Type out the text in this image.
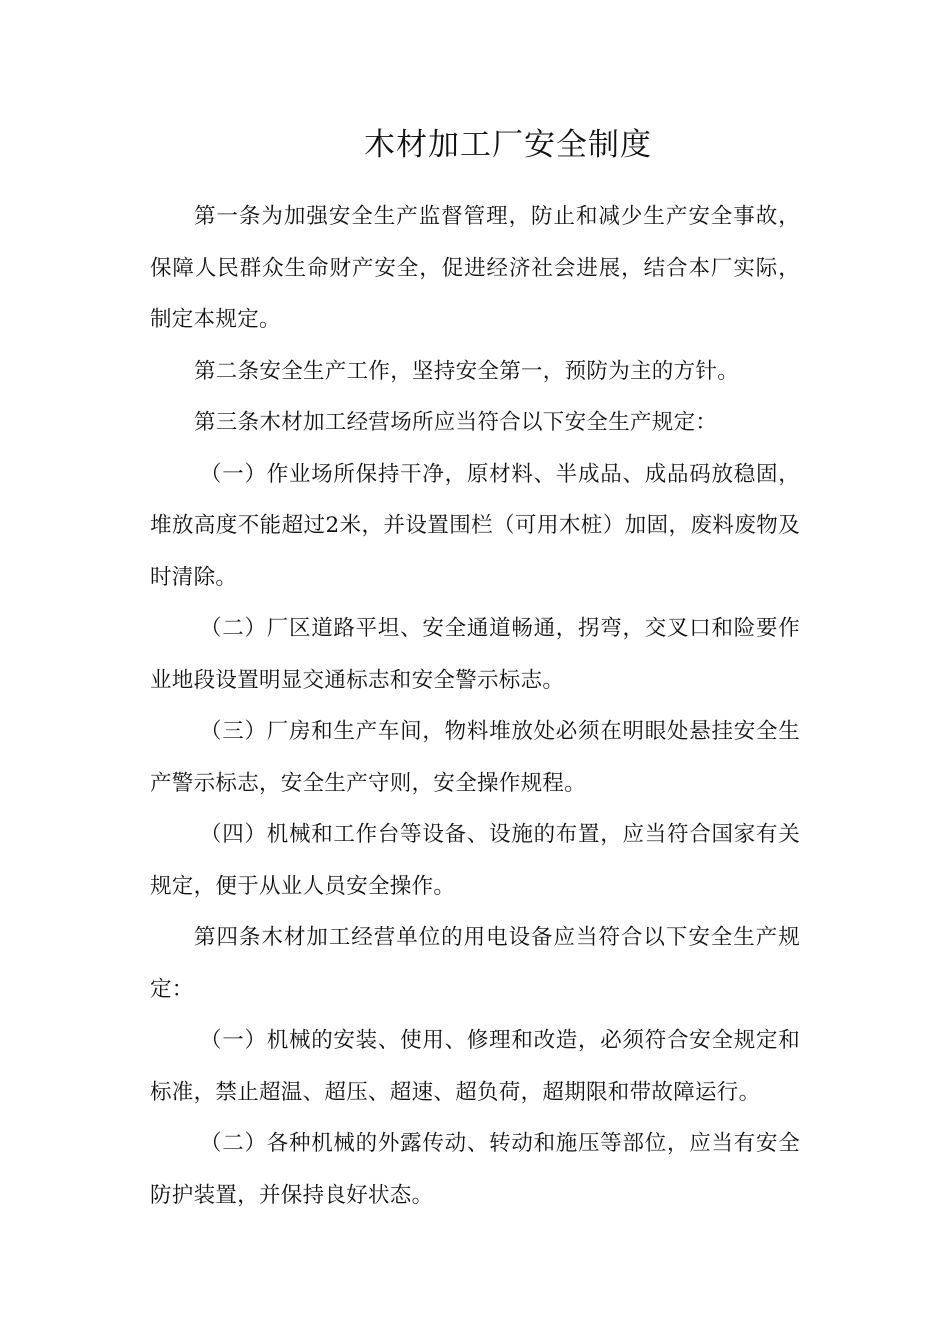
木材加工厂安全制度

第一条为加强安全生产监督管理，防止和减少生产安全事故，保障人民群众生命财产安全，促进经济社会进展，结合本厂实际，制定本规定。

第二条安全生产工作，坚持安全第一，预防为主的方针。

第三条木材加工经营场所应当符合以下安全生产规定：

（一）作业场所保持干净，原材料、半成品、成品码放稳固，堆放高度不能超过2米，并设置围栏（可用木桩）加固，废料废物及时清除。

（二）厂区道路平坦、安全通道畅通，拐弯，交叉口和险要作业地段设置明显交通标志和安全警示标志。

（三）厂房和生产车间，物料堆放处必须在明眼处悬挂安全生产警示标志，安全生产守则，安全操作规程。

（四）机械和工作台等设备、设施的布置，应当符合国家有关规定，便于从业人员安全操作。

第四条木材加工经营单位的用电设备应当符合以下安全生产规定：

（一）机械的安装、使用、修理和改造，必须符合安全规定和标准，禁止超温、超压、超速、超负荷，超期限和带故障运行。

（二）各种机械的外露传动、转动和施压等部位，应当有安全防护装置，并保持良好状态。
